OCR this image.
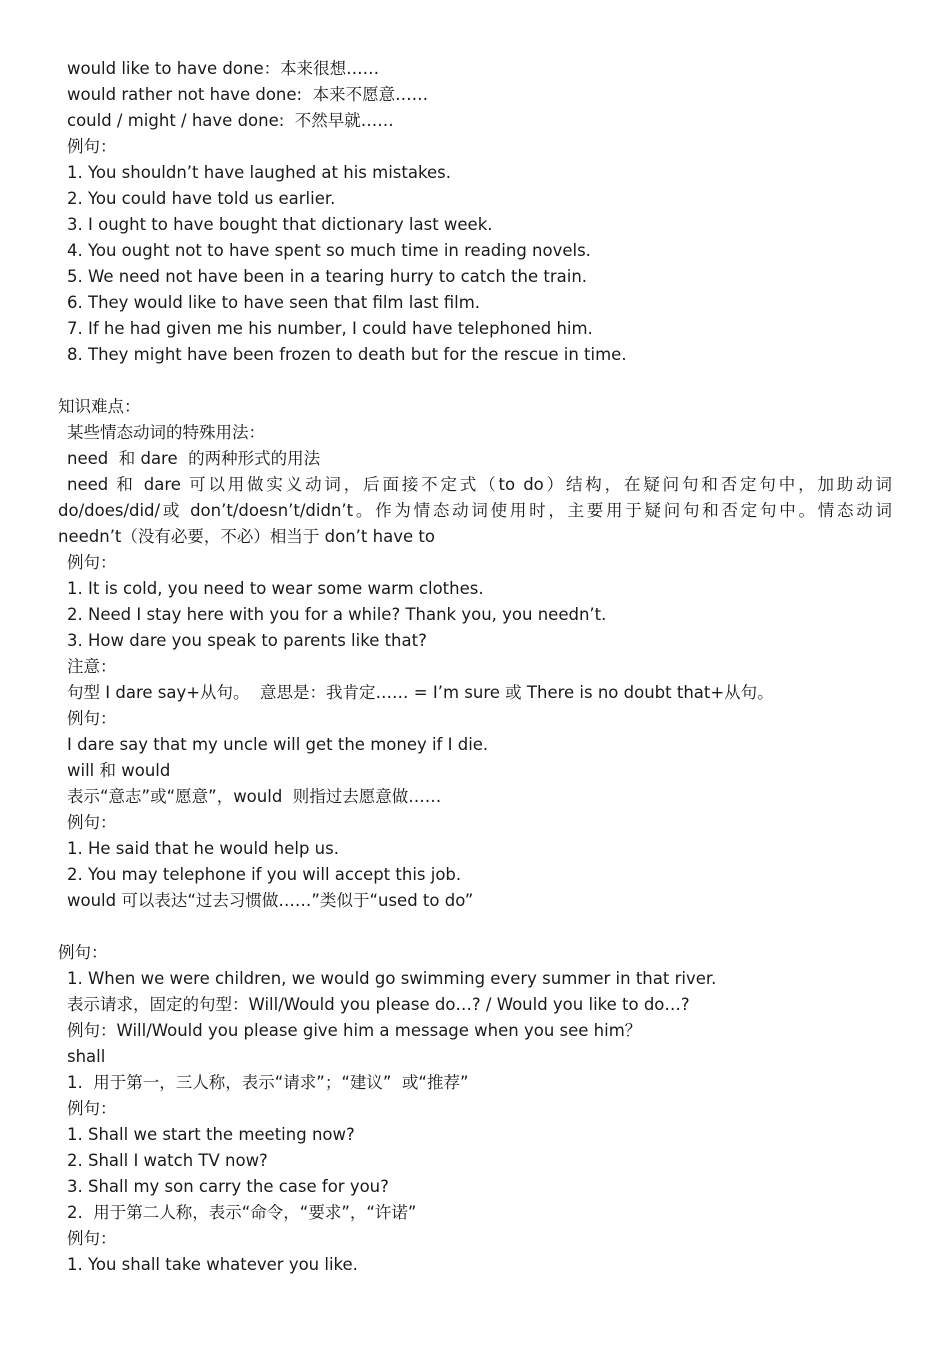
would like to have done：本来很想……
would rather not have done:  本来不愿意……
could / might / have done:  不然早就……
例句：
1. You shouldn’t have laughed at his mistakes.
2. You could have told us earlier.
3. I ought to have bought that dictionary last week.
4. You ought not to have spent so much time in reading novels.
5. We need not have been in a tearing hurry to catch the train.
6. They would like to have seen that film last film.
7. If he had given me his number, I could have telephoned him.
8. They might have been frozen to death but for the rescue in time.
知识难点：
某些情态动词的特殊用法：
need  和 dare  的两种形式的用法
need 和 dare 可以用做实义动词，后面接不定式（to do）结构，在疑问句和否定句中，加助动词
do/does/did/或 don’t/doesn’t/didn’t。作为情态动词使用时，主要用于疑问句和否定句中。情态动词
needn’t（没有必要，不必）相当于 don’t have to
例句：
1. It is cold, you need to wear some warm clothes.
2. Need I stay here with you for a while? Thank you, you needn’t.
3. How dare you speak to parents like that?
注意：
句型 I dare say+从句。  意思是：我肯定…… = I’m sure 或 There is no doubt that+从句。
例句：
I dare say that my uncle will get the money if I die.
will 和 would
表示“意志”或“愿意”，would  则指过去愿意做……
例句：
1. He said that he would help us.
2. You may telephone if you will accept this job.
would 可以表达“过去习惯做……”类似于“used to do”
例句：
1. When we were children, we would go swimming every summer in that river.
表示请求，固定的句型：Will/Would you please do…? / Would you like to do…?
例句：Will/Would you please give him a message when you see him？
shall
1.  用于第一，三人称，表示“请求”；“建议”  或“推荐”
例句：
1. Shall we start the meeting now?
2. Shall I watch TV now?
3. Shall my son carry the case for you?
2.  用于第二人称，表示“命令，“要求”，“许诺”
例句：
1. You shall take whatever you like.
